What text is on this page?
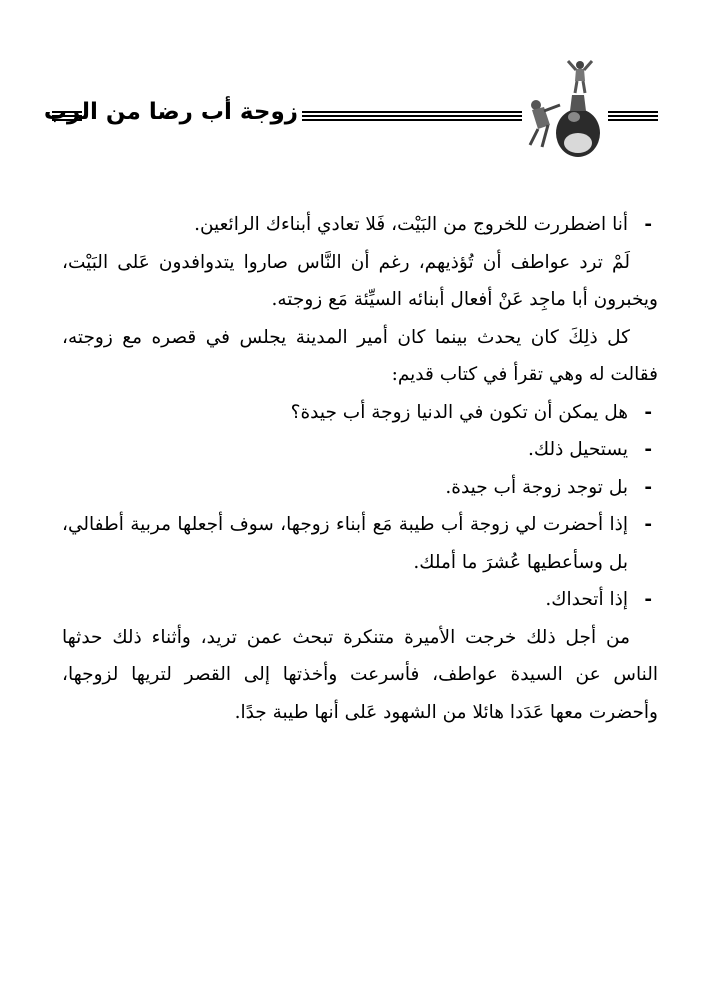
زوجة أب رضا من الرب

- أنا اضطررت للخروج من البَيْت، فَلا تعادي أبناءك الرائعين.

لَمْ ترد عواطف أن تُؤذيهم، رغم أن النَّاس صاروا يتدوافدون عَلى البَيْت، ويخبرون أبا ماجِد عَنْ أفعال أبنائه السيِّئة مَع زوجته.

كل ذلِكَ كان يحدث بينما كان أمير المدينة يجلس في قصره مع زوجته، فقالت له وهي تقرأ في كتاب قديم:

- هل يمكن أن تكون في الدنيا زوجة أب جيدة؟

- يستحيل ذلك.

- بل توجد زوجة أب جيدة.

- إذا أحضرت لي زوجة أب طيبة مَع أبناء زوجها، سوف أجعلها مربية أطفالي، بل وسأعطيها عُشرَ ما أملك.

- إذا أتحداك.

من أجل ذلك خرجت الأميرة متنكرة تبحث عمن تريد، وأثناء ذلك حدثها الناس عن السيدة عواطف، فأسرعت وأخذتها إلى القصر لتريها لزوجها، وأحضرت معها عَدَدا هائلا من الشهود عَلى أنها طيبة جدًا.
